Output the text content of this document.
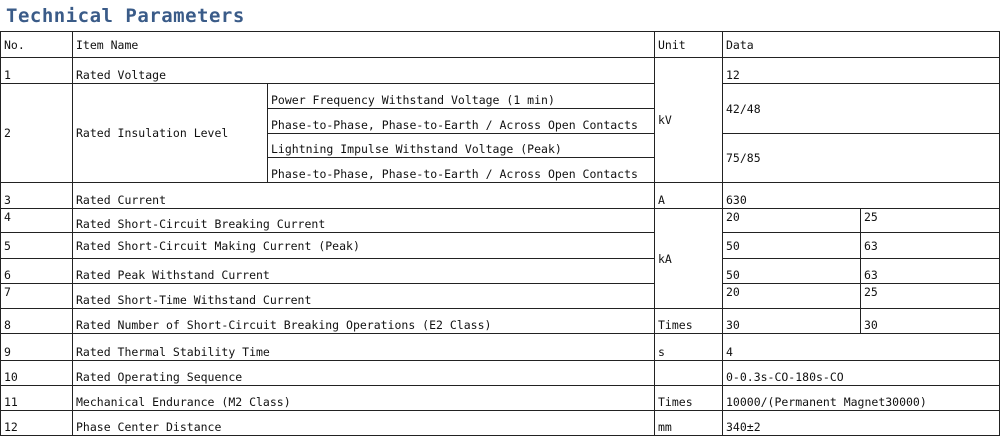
Technical Parameters
No.	Item Name		Unit	Data	
1	Rated Voltage		kV	12	
2	Rated Insulation Level	Power Frequency Withstand Voltage (1 min)		42/48	
		Phase-to-Phase, Phase-to-Earth / Across Open Contacts			
		Lightning Impulse Withstand Voltage (Peak)		75/85	
		Phase-to-Phase, Phase-to-Earth / Across Open Contacts			
3	Rated Current		A	630	
4	Rated Short-Circuit Breaking Current		kA	20	25
5	Rated Short-Circuit Making Current (Peak)			50	63
6	Rated Peak Withstand Current			50	63
7	Rated Short-Time Withstand Current			20	25
8	Rated Number of Short-Circuit Breaking Operations (E2 Class)		Times	30	30
9	Rated Thermal Stability Time		s	4	
10	Rated Operating Sequence			0-0.3s-CO-180s-CO	
11	Mechanical Endurance (M2 Class)		Times	10000/(Permanent Magnet30000)	
12	Phase Center Distance		mm	340±2	
